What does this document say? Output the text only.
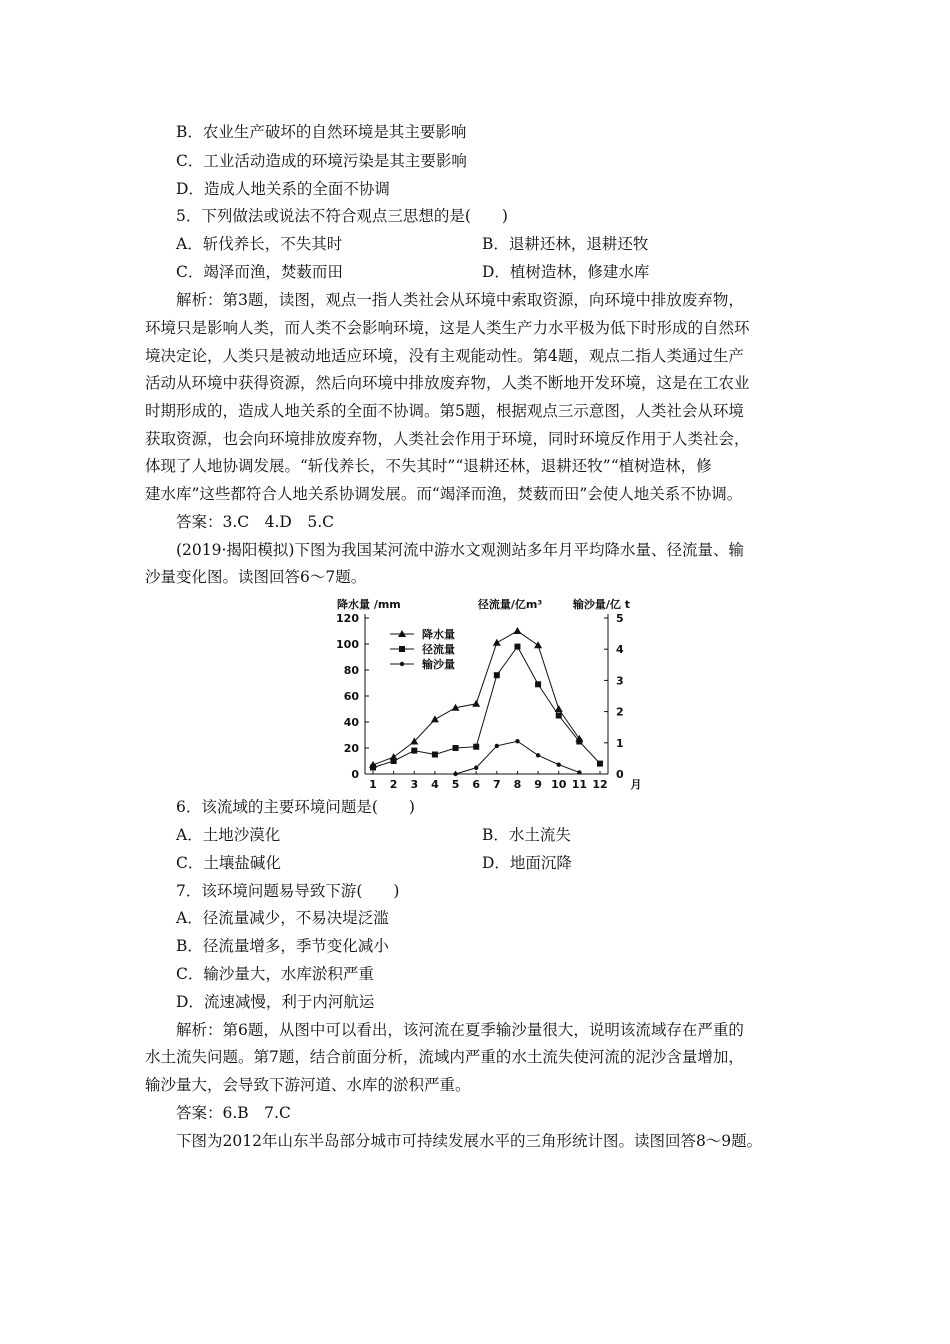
B．农业生产破坏的自然环境是其主要影响
C．工业活动造成的环境污染是其主要影响
D．造成人地关系的全面不协调
5．下列做法或说法不符合观点三思想的是(　　)
A．斩伐养长，不失其时	B．退耕还林，退耕还牧
C．竭泽而渔，焚薮而田	D．植树造林，修建水库
解析：第3题，读图，观点一指人类社会从环境中索取资源，向环境中排放废弃物，
环境只是影响人类，而人类不会影响环境，这是人类生产力水平极为低下时形成的自然环
境决定论，人类只是被动地适应环境，没有主观能动性。第4题，观点二指人类通过生产
活动从环境中获得资源，然后向环境中排放废弃物，人类不断地开发环境，这是在工农业
时期形成的，造成人地关系的全面不协调。第5题，根据观点三示意图，人类社会从环境
获取资源，也会向环境排放废弃物，人类社会作用于环境，同时环境反作用于人类社会，
体现了人地协调发展。“斩伐养长，不失其时”“退耕还林，退耕还牧”“植树造林，修
建水库”这些都符合人地关系协调发展。而“竭泽而渔，焚薮而田”会使人地关系不协调。
答案：3.C　4.D　5.C
(2019·揭阳模拟)下图为我国某河流中游水文观测站多年月平均降水量、径流量、输
沙量变化图。读图回答6～7题。
降水量 /mm	径流量/亿m³	输沙量/亿 t
0
20
40
60
80
100
120
0
1
2
3
4
5
1 2 3 4 5 6 7 8 9 10 11 12 月
降水量
径流量
输沙量
6．该流域的主要环境问题是(　　)
A．土地沙漠化	B．水土流失
C．土壤盐碱化	D．地面沉降
7．该环境问题易导致下游(　　)
A．径流量减少，不易决堤泛滥
B．径流量增多，季节变化减小
C．输沙量大，水库淤积严重
D．流速减慢，利于内河航运
解析：第6题，从图中可以看出，该河流在夏季输沙量很大，说明该流域存在严重的
水土流失问题。第7题，结合前面分析，流域内严重的水土流失使河流的泥沙含量增加，
输沙量大，会导致下游河道、水库的淤积严重。
答案：6.B　7.C
下图为2012年山东半岛部分城市可持续发展水平的三角形统计图。读图回答8～9题。
